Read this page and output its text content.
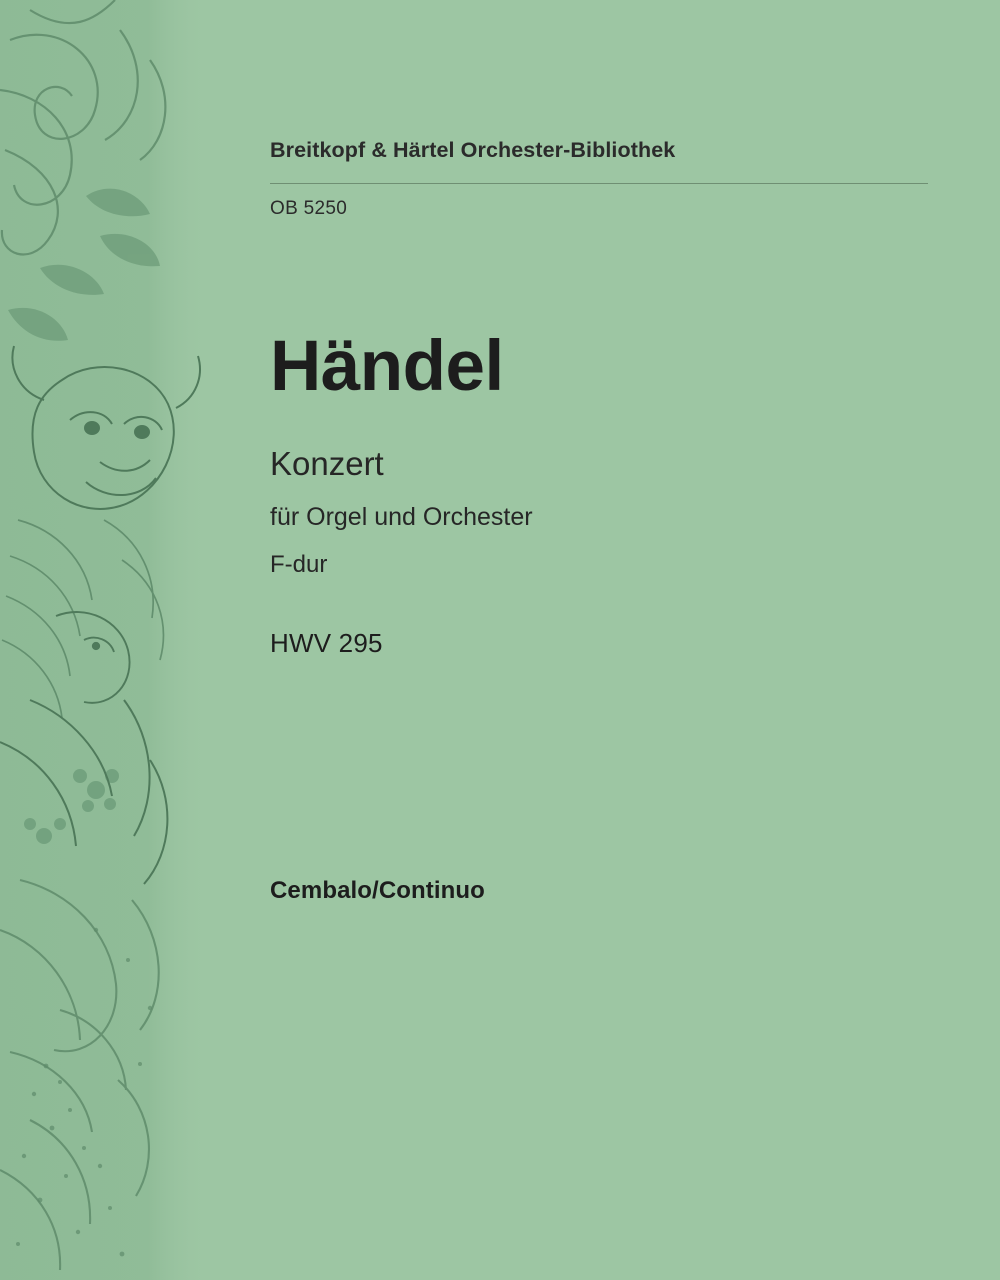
Breitkopf & Härtel Orchester-Bibliothek
OB 5250
Händel
Konzert
für Orgel und Orchester
F-dur
HWV 295
Cembalo/Continuo
